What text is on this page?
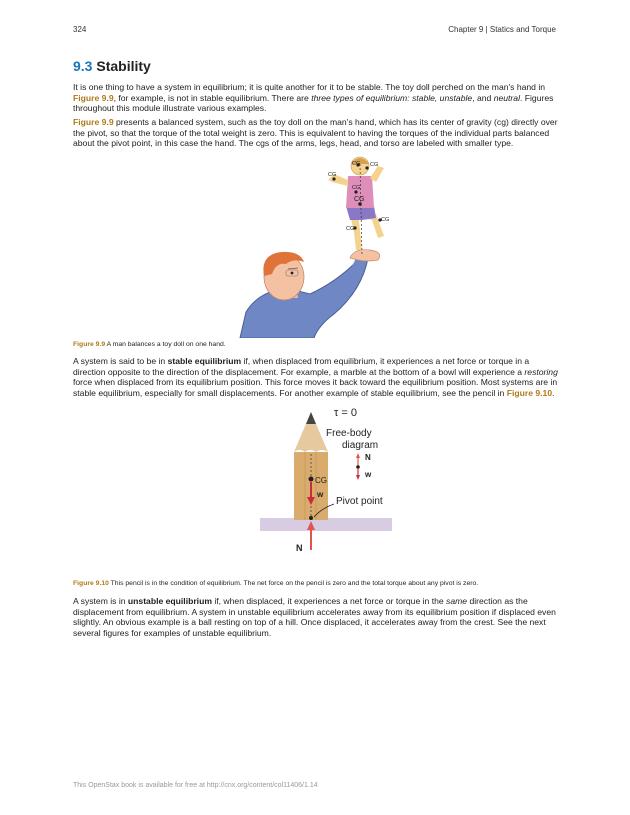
324	Chapter 9 | Statics and Torque
9.3 Stability

It is one thing to have a system in equilibrium; it is quite another for it to be stable. The toy doll perched on the man's hand in Figure 9.9, for example, is not in stable equilibrium. There are three types of equilibrium: stable, unstable, and neutral. Figures throughout this module illustrate various examples.

Figure 9.9 presents a balanced system, such as the toy doll on the man's hand, which has its center of gravity (cg) directly over the pivot, so that the torque of the total weight is zero. This is equivalent to having the torques of the individual parts balanced about the pivot point, in this case the hand. The cgs of the arms, legs, head, and torso are labeled with smaller type.

CG
CG
CG
CG
CG
CG
CG

Figure 9.9 A man balances a toy doll on one hand.

A system is said to be in stable equilibrium if, when displaced from equilibrium, it experiences a net force or torque in a direction opposite to the direction of the displacement. For example, a marble at the bottom of a bowl will experience a restoring force when displaced from its equilibrium position. This force moves it back toward the equilibrium position. Most systems are in stable equilibrium, especially for small displacements. For another example of stable equilibrium, see the pencil in Figure 9.10.

CG
w
Pivot point
N
τ = 0
Free-body
diagram
N
w

Figure 9.10 This pencil is in the condition of equilibrium. The net force on the pencil is zero and the total torque about any pivot is zero.

A system is in unstable equilibrium if, when displaced, it experiences a net force or torque in the same direction as the displacement from equilibrium. A system in unstable equilibrium accelerates away from its equilibrium position if displaced even slightly. An obvious example is a ball resting on top of a hill. Once displaced, it accelerates away from the crest. See the next several figures for examples of unstable equilibrium.

This OpenStax book is available for free at http://cnx.org/content/col11406/1.14
